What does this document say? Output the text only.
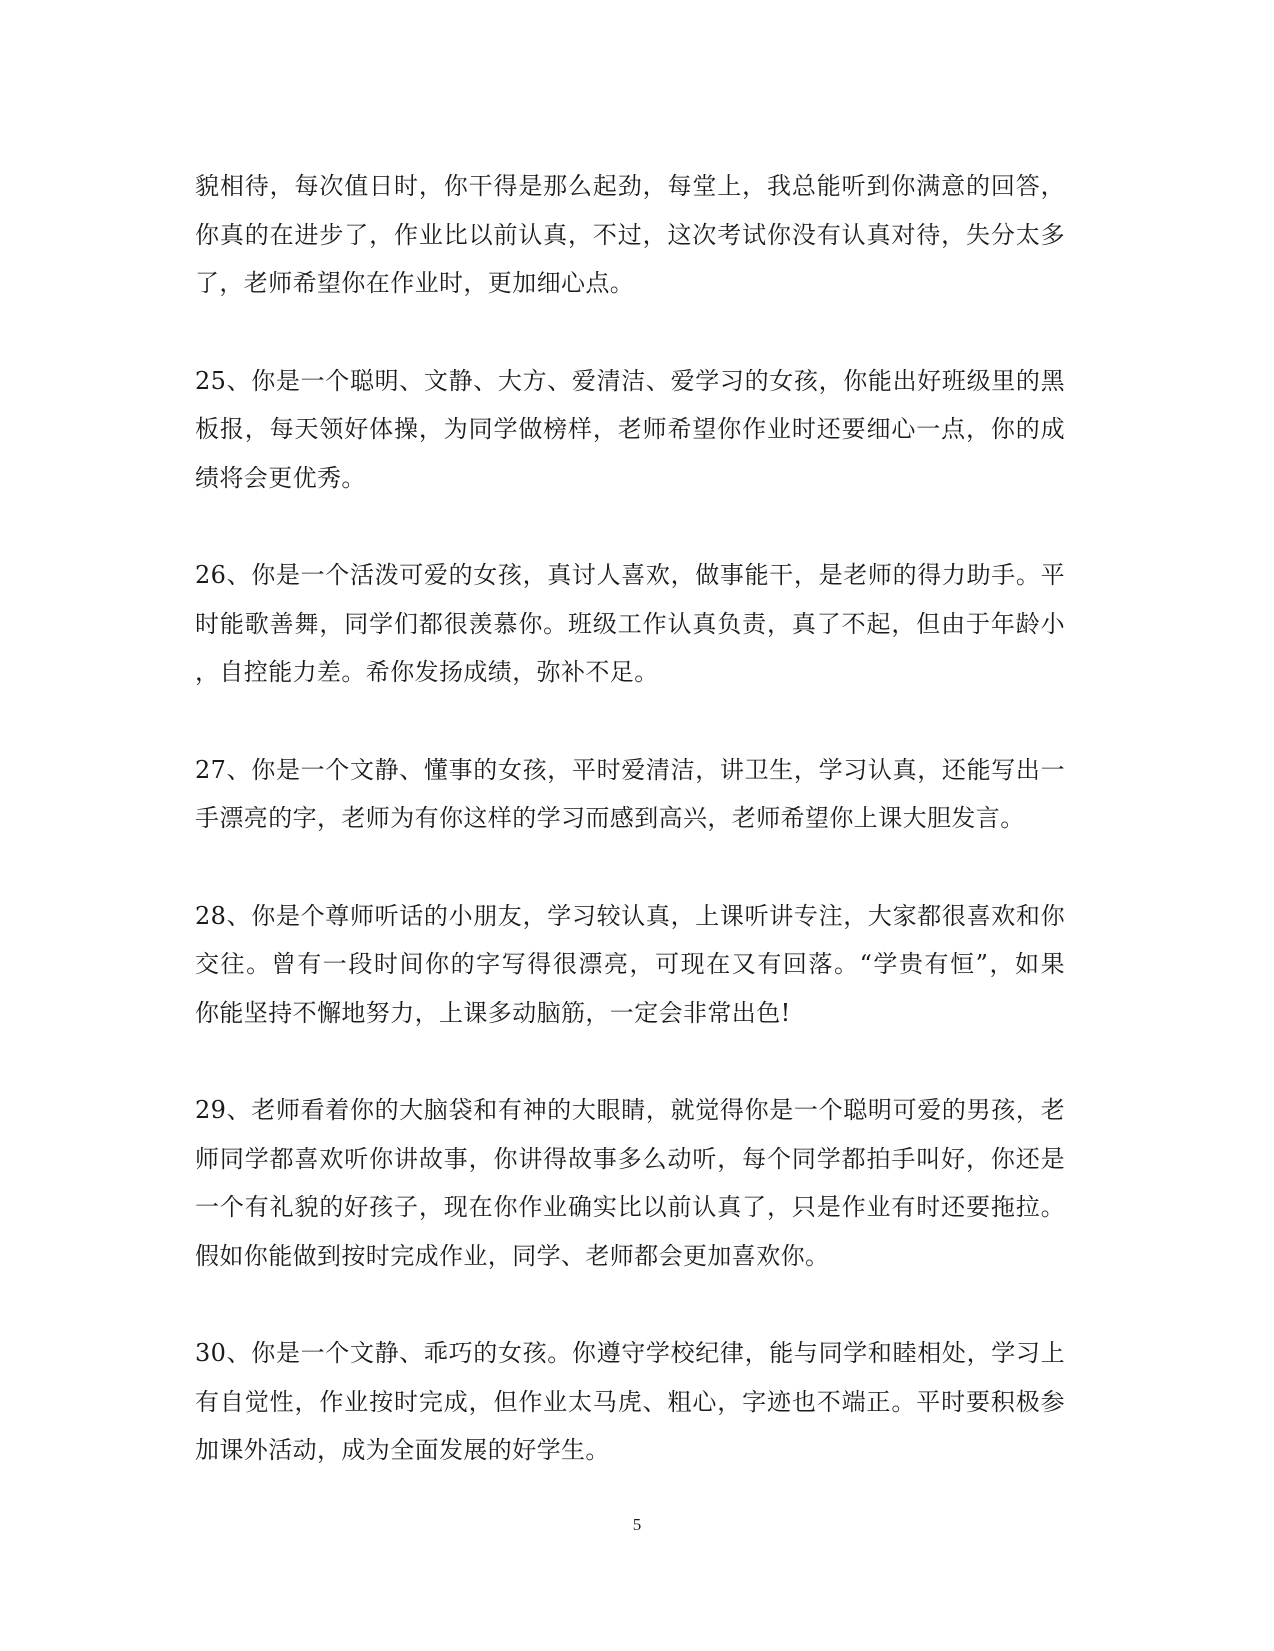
貌相待，每次值日时，你干得是那么起劲，每堂上，我总能听到你满意的回答，
你真的在进步了，作业比以前认真，不过，这次考试你没有认真对待，失分太多
了，老师希望你在作业时，更加细心点。

25、你是一个聪明、文静、大方、爱清洁、爱学习的女孩，你能出好班级里的黑
板报，每天领好体操，为同学做榜样，老师希望你作业时还要细心一点，你的成
绩将会更优秀。

26、你是一个活泼可爱的女孩，真讨人喜欢，做事能干，是老师的得力助手。平
时能歌善舞，同学们都很羡慕你。班级工作认真负责，真了不起，但由于年龄小
，自控能力差。希你发扬成绩，弥补不足。

27、你是一个文静、懂事的女孩，平时爱清洁，讲卫生，学习认真，还能写出一
手漂亮的字，老师为有你这样的学习而感到高兴，老师希望你上课大胆发言。

28、你是个尊师听话的小朋友，学习较认真，上课听讲专注，大家都很喜欢和你
交往。曾有一段时间你的字写得很漂亮，可现在又有回落。“学贵有恒”，如果
你能坚持不懈地努力，上课多动脑筋，一定会非常出色!

29、老师看着你的大脑袋和有神的大眼睛，就觉得你是一个聪明可爱的男孩，老
师同学都喜欢听你讲故事，你讲得故事多么动听，每个同学都拍手叫好，你还是
一个有礼貌的好孩子，现在你作业确实比以前认真了，只是作业有时还要拖拉。
假如你能做到按时完成作业，同学、老师都会更加喜欢你。

30、你是一个文静、乖巧的女孩。你遵守学校纪律，能与同学和睦相处，学习上
有自觉性，作业按时完成，但作业太马虎、粗心，字迹也不端正。平时要积极参
加课外活动，成为全面发展的好学生。

5
